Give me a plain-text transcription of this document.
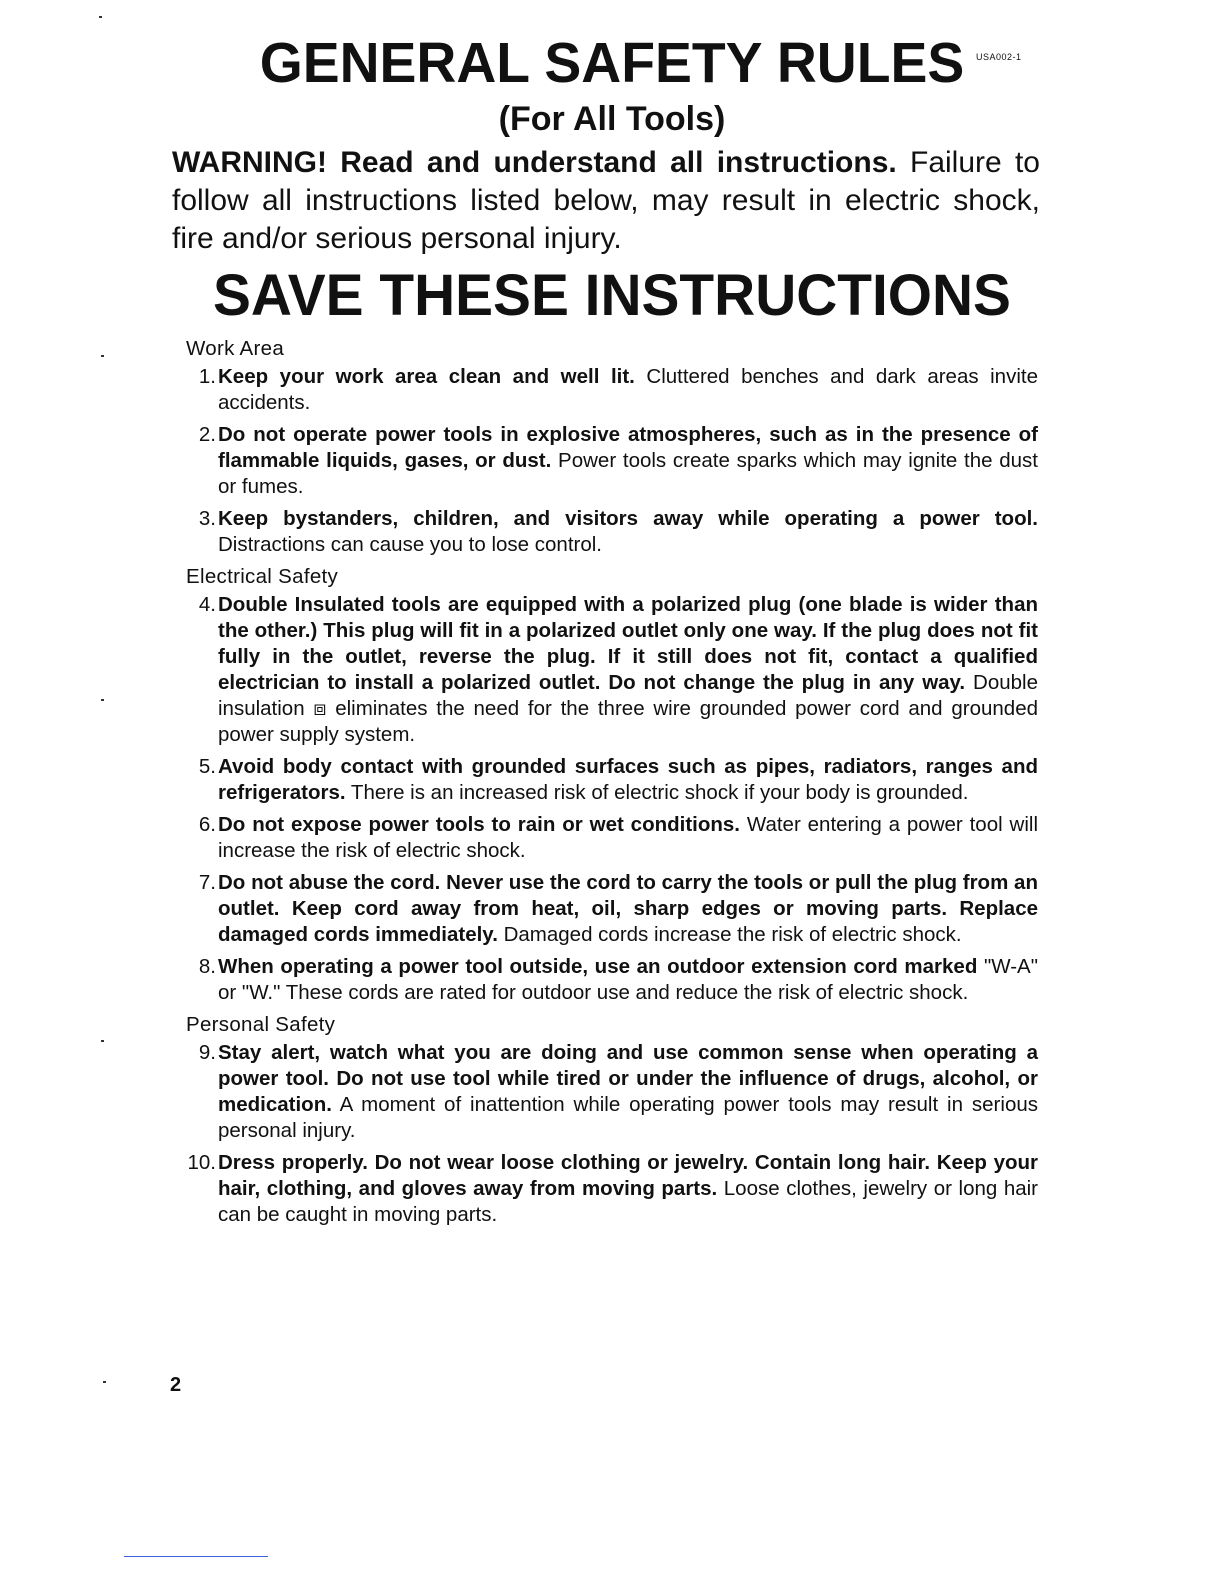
GENERAL SAFETY RULES	USA002-1
(For All Tools)
WARNING! Read and understand all instructions. Failure to follow all instructions listed below, may result in electric shock, fire and/or serious personal injury.
SAVE THESE INSTRUCTIONS
Work Area
1. Keep your work area clean and well lit. Cluttered benches and dark areas invite accidents.
2. Do not operate power tools in explosive atmospheres, such as in the presence of flammable liquids, gases, or dust. Power tools create sparks which may ignite the dust or fumes.
3. Keep bystanders, children, and visitors away while operating a power tool. Distractions can cause you to lose control.
Electrical Safety
4. Double Insulated tools are equipped with a polarized plug (one blade is wider than the other.) This plug will fit in a polarized outlet only one way. If the plug does not fit fully in the outlet, reverse the plug. If it still does not fit, contact a qualified electrician to install a polarized outlet. Do not change the plug in any way. Double insulation ⧈ eliminates the need for the three wire grounded power cord and grounded power supply system.
5. Avoid body contact with grounded surfaces such as pipes, radiators, ranges and refrigerators. There is an increased risk of electric shock if your body is grounded.
6. Do not expose power tools to rain or wet conditions. Water entering a power tool will increase the risk of electric shock.
7. Do not abuse the cord. Never use the cord to carry the tools or pull the plug from an outlet. Keep cord away from heat, oil, sharp edges or moving parts. Replace damaged cords immediately. Damaged cords increase the risk of electric shock.
8. When operating a power tool outside, use an outdoor extension cord marked "W-A" or "W." These cords are rated for outdoor use and reduce the risk of electric shock.
Personal Safety
9. Stay alert, watch what you are doing and use common sense when operating a power tool. Do not use tool while tired or under the influence of drugs, alcohol, or medication. A moment of inattention while operating power tools may result in serious personal injury.
10. Dress properly. Do not wear loose clothing or jewelry. Contain long hair. Keep your hair, clothing, and gloves away from moving parts. Loose clothes, jewelry or long hair can be caught in moving parts.
2
